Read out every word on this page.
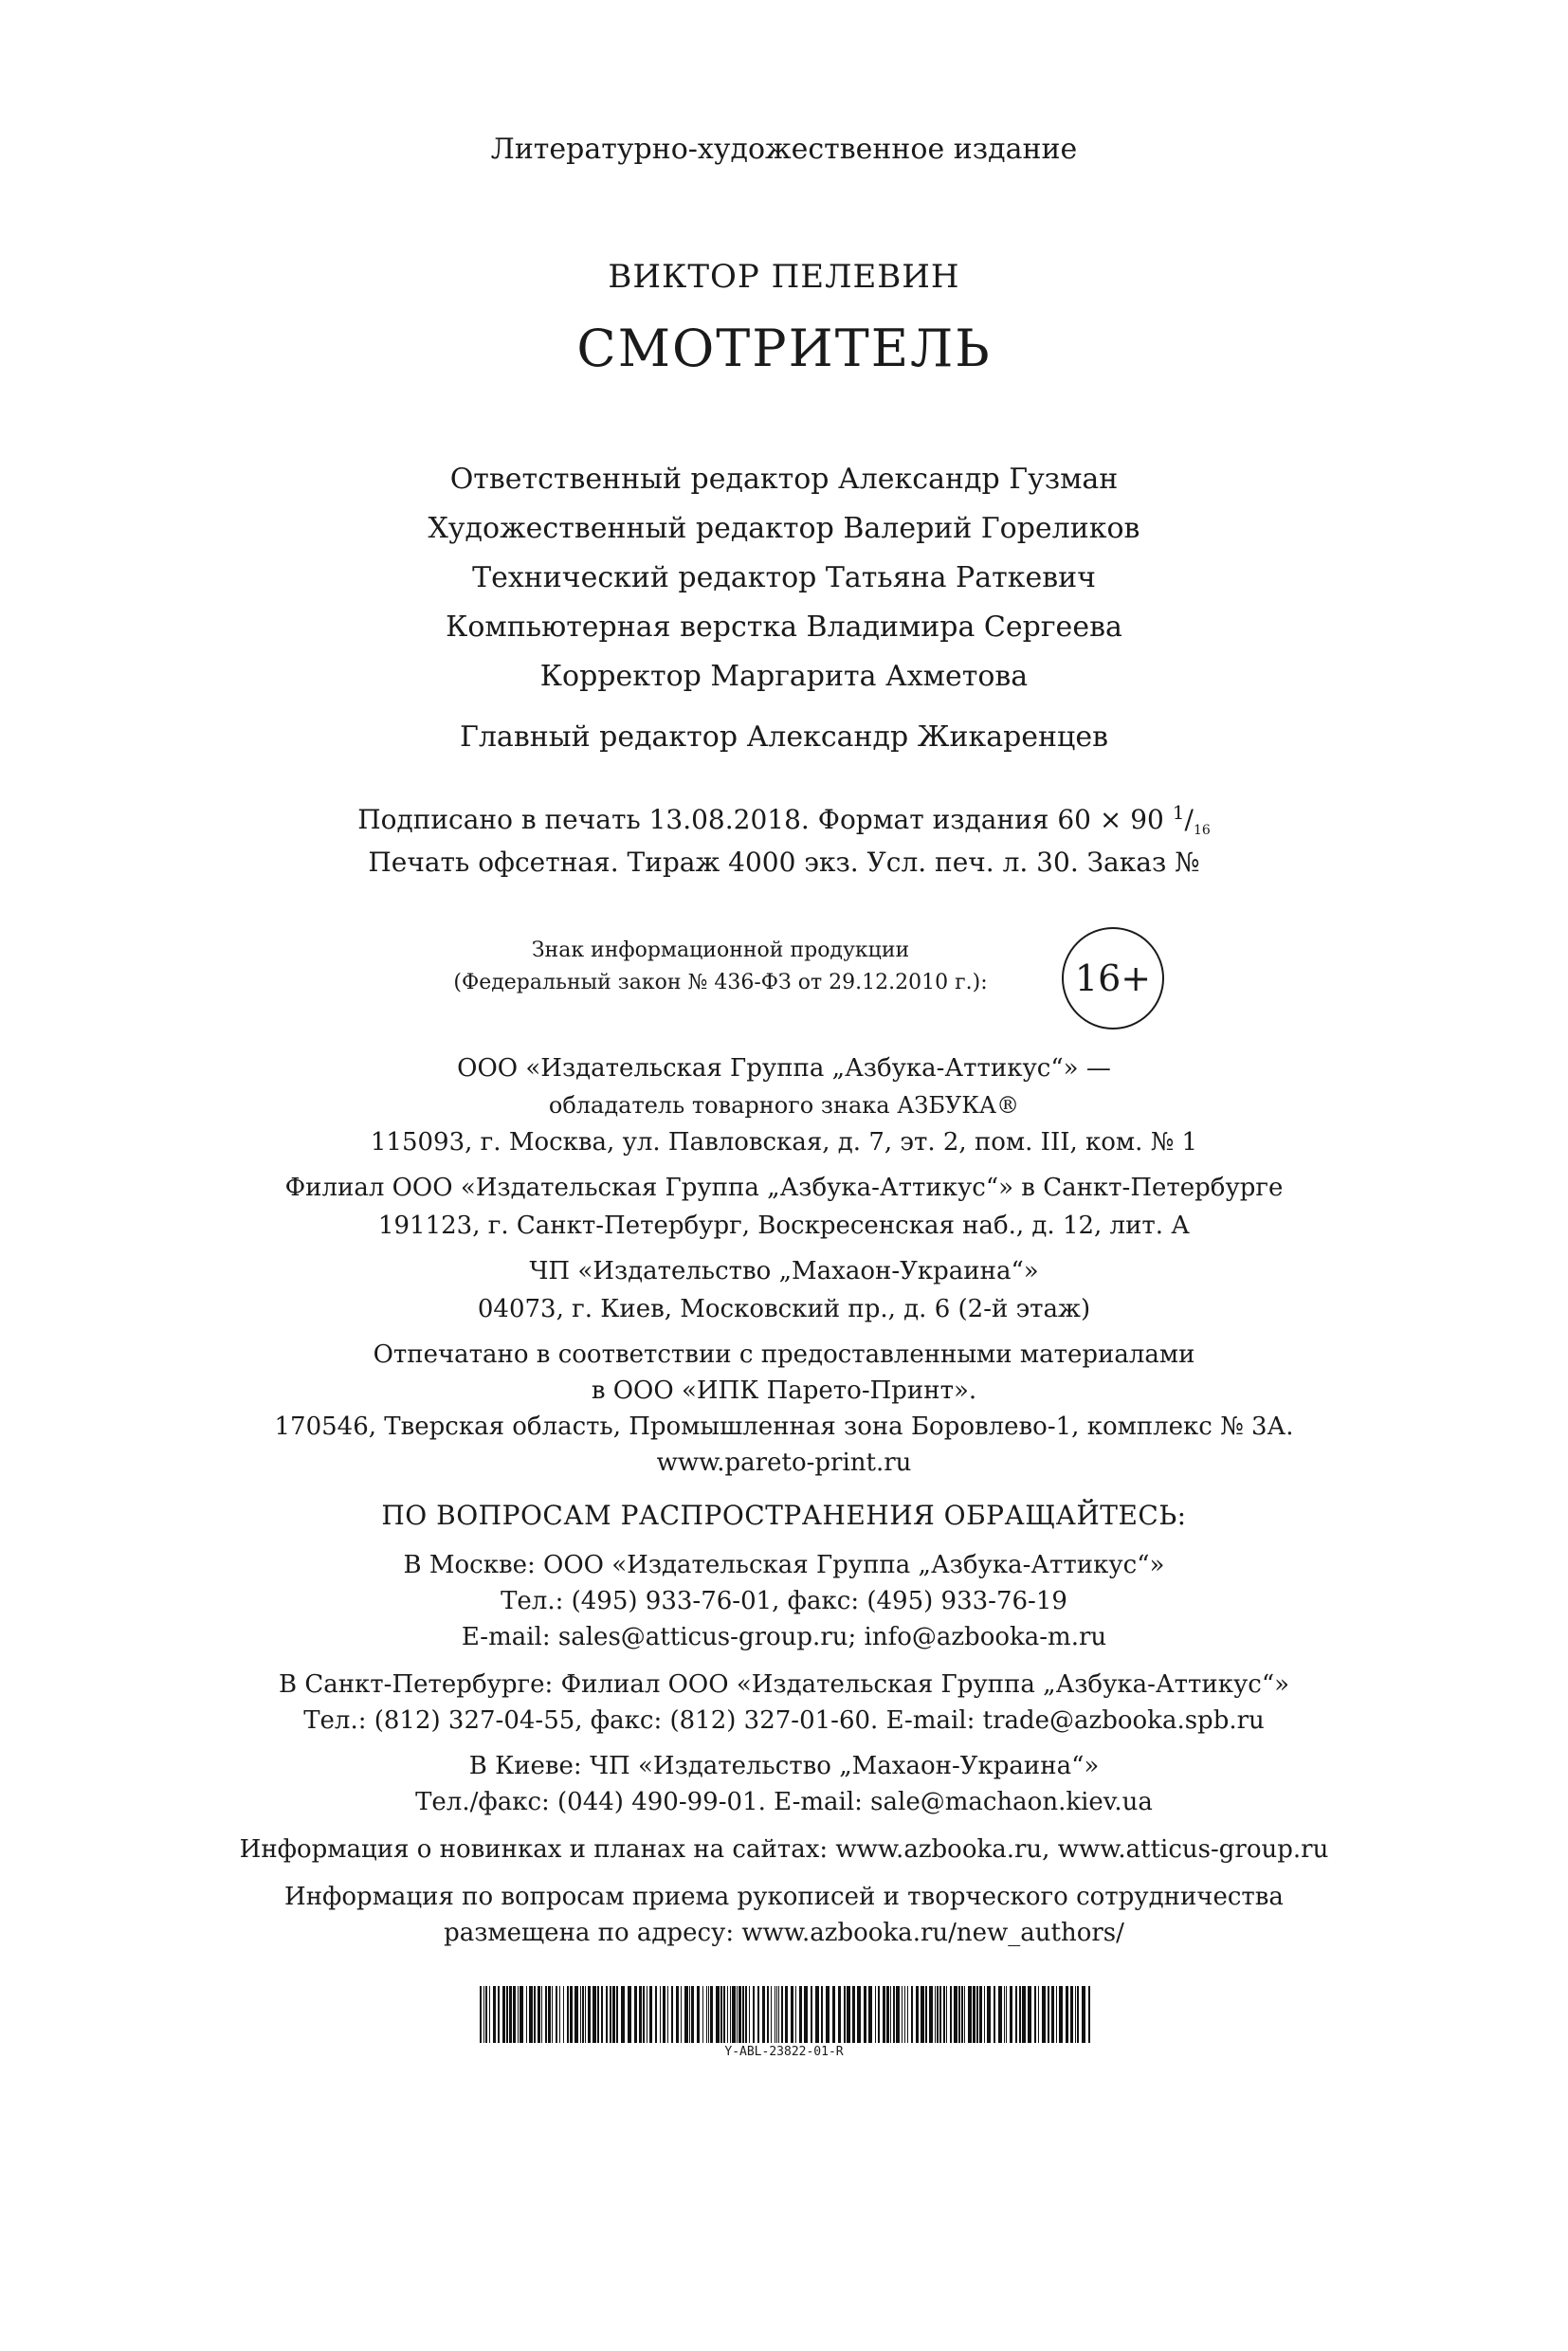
Литературно-художественное издание
ВИКТОР ПЕЛЕВИН
СМОТРИТЕЛЬ
Ответственный редактор Александр Гузман
Художественный редактор Валерий Гореликов
Технический редактор Татьяна Раткевич
Компьютерная верстка Владимира Сергеева
Корректор Маргарита Ахметова
Главный редактор Александр Жикаренцев
Подписано в печать 13.08.2018. Формат издания 60 × 90 $^1/_{16}$
Печать офсетная. Тираж 4000 экз. Усл. печ. л. 30. Заказ №
Знак информационной продукции
(Федеральный закон № 436-ФЗ от 29.12.2010 г.):	16+
ООО «Издательская Группа „Азбука-Аттикус“» —
обладатель товарного знака АЗБУКА®
115093, г. Москва, ул. Павловская, д. 7, эт. 2, пом. III, ком. № 1
Филиал ООО «Издательская Группа „Азбука-Аттикус“» в Санкт-Петербурге
191123, г. Санкт-Петербург, Воскресенская наб., д. 12, лит. А
ЧП «Издательство „Махаон-Украина“»
04073, г. Киев, Московский пр., д. 6 (2-й этаж)
Отпечатано в соответствии с предоставленными материалами
в ООО «ИПК Парето-Принт».
170546, Тверская область, Промышленная зона Боровлево-1, комплекс № 3А.
www.pareto-print.ru
ПО ВОПРОСАМ РАСПРОСТРАНЕНИЯ ОБРАЩАЙТЕСЬ:
В Москве: ООО «Издательская Группа „Азбука-Аттикус“»
Тел.: (495) 933-76-01, факс: (495) 933-76-19
E-mail: sales@atticus-group.ru; info@azbooka-m.ru
В Санкт-Петербурге: Филиал ООО «Издательская Группа „Азбука-Аттикус“»
Тел.: (812) 327-04-55, факс: (812) 327-01-60. E-mail: trade@azbooka.spb.ru
В Киеве: ЧП «Издательство „Махаон-Украина“»
Тел./факс: (044) 490-99-01. E-mail: sale@machaon.kiev.ua
Информация о новинках и планах на сайтах: www.azbooka.ru, www.atticus-group.ru
Информация по вопросам приема рукописей и творческого сотрудничества
размещена по адресу: www.azbooka.ru/new_authors/
Y-ABL-23822-01-R
